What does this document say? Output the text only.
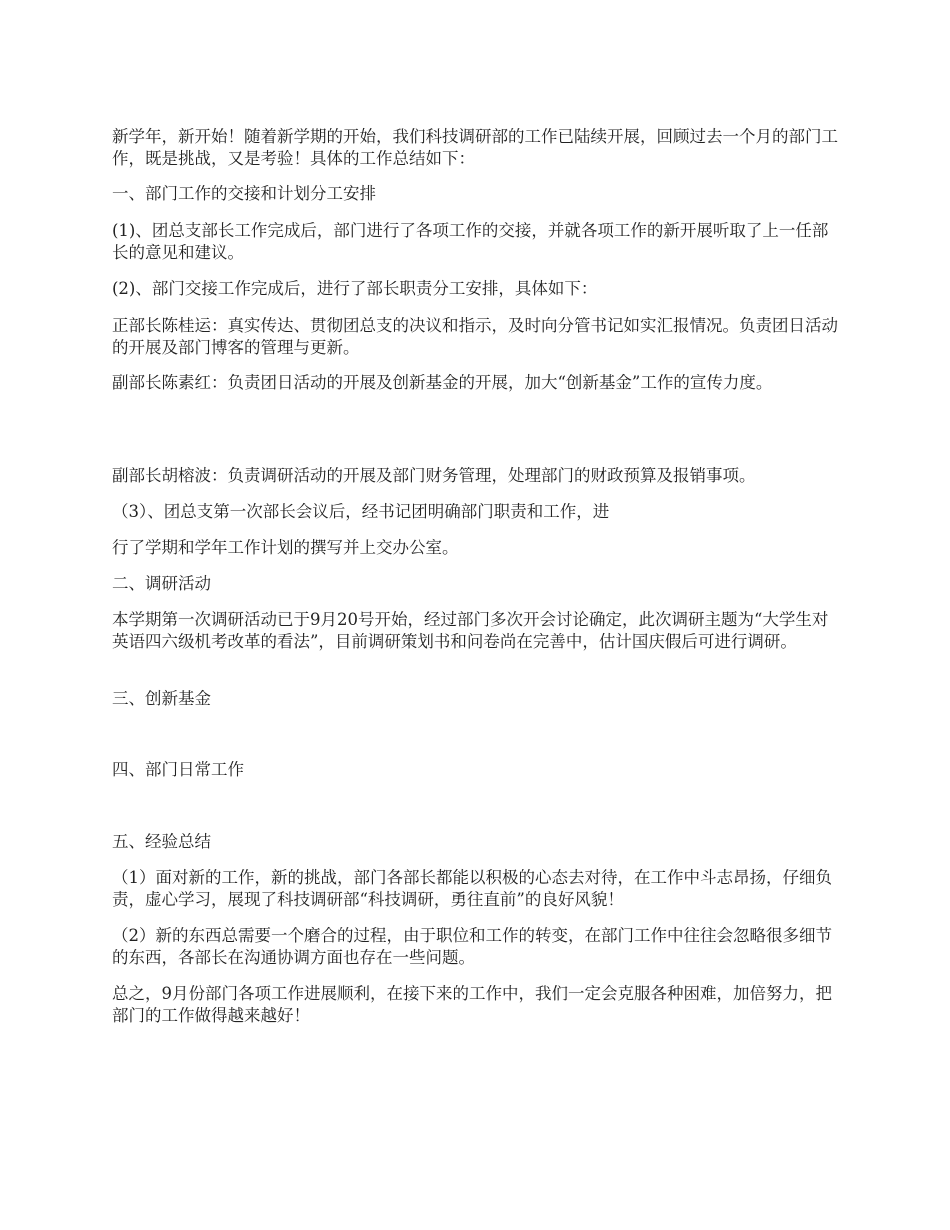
新学年，新开始！随着新学期的开始，我们科技调研部的工作已陆续开展，回顾过去一个月的部门工作，既是挑战，又是考验！具体的工作总结如下：

一、部门工作的交接和计划分工安排

(1)、团总支部长工作完成后，部门进行了各项工作的交接，并就各项工作的新开展听取了上一任部长的意见和建议。

(2)、部门交接工作完成后，进行了部长职责分工安排，具体如下：

正部长陈桂运：真实传达、贯彻团总支的决议和指示，及时向分管书记如实汇报情况。负责团日活动的开展及部门博客的管理与更新。

副部长陈素红：负责团日活动的开展及创新基金的开展，加大“创新基金”工作的宣传力度。

副部长胡榕波：负责调研活动的开展及部门财务管理，处理部门的财政预算及报销事项。

（3）、团总支第一次部长会议后，经书记团明确部门职责和工作，进

行了学期和学年工作计划的撰写并上交办公室。

二、调研活动

本学期第一次调研活动已于9月20号开始，经过部门多次开会讨论确定，此次调研主题为“大学生对英语四六级机考改革的看法”，目前调研策划书和问卷尚在完善中，估计国庆假后可进行调研。

三、创新基金

四、部门日常工作

五、经验总结

（1）面对新的工作，新的挑战，部门各部长都能以积极的心态去对待，在工作中斗志昂扬，仔细负责，虚心学习，展现了科技调研部“科技调研，勇往直前”的良好风貌！

（2）新的东西总需要一个磨合的过程，由于职位和工作的转变，在部门工作中往往会忽略很多细节的东西，各部长在沟通协调方面也存在一些问题。

总之，9月份部门各项工作进展顺利，在接下来的工作中，我们一定会克服各种困难，加倍努力，把部门的工作做得越来越好！
